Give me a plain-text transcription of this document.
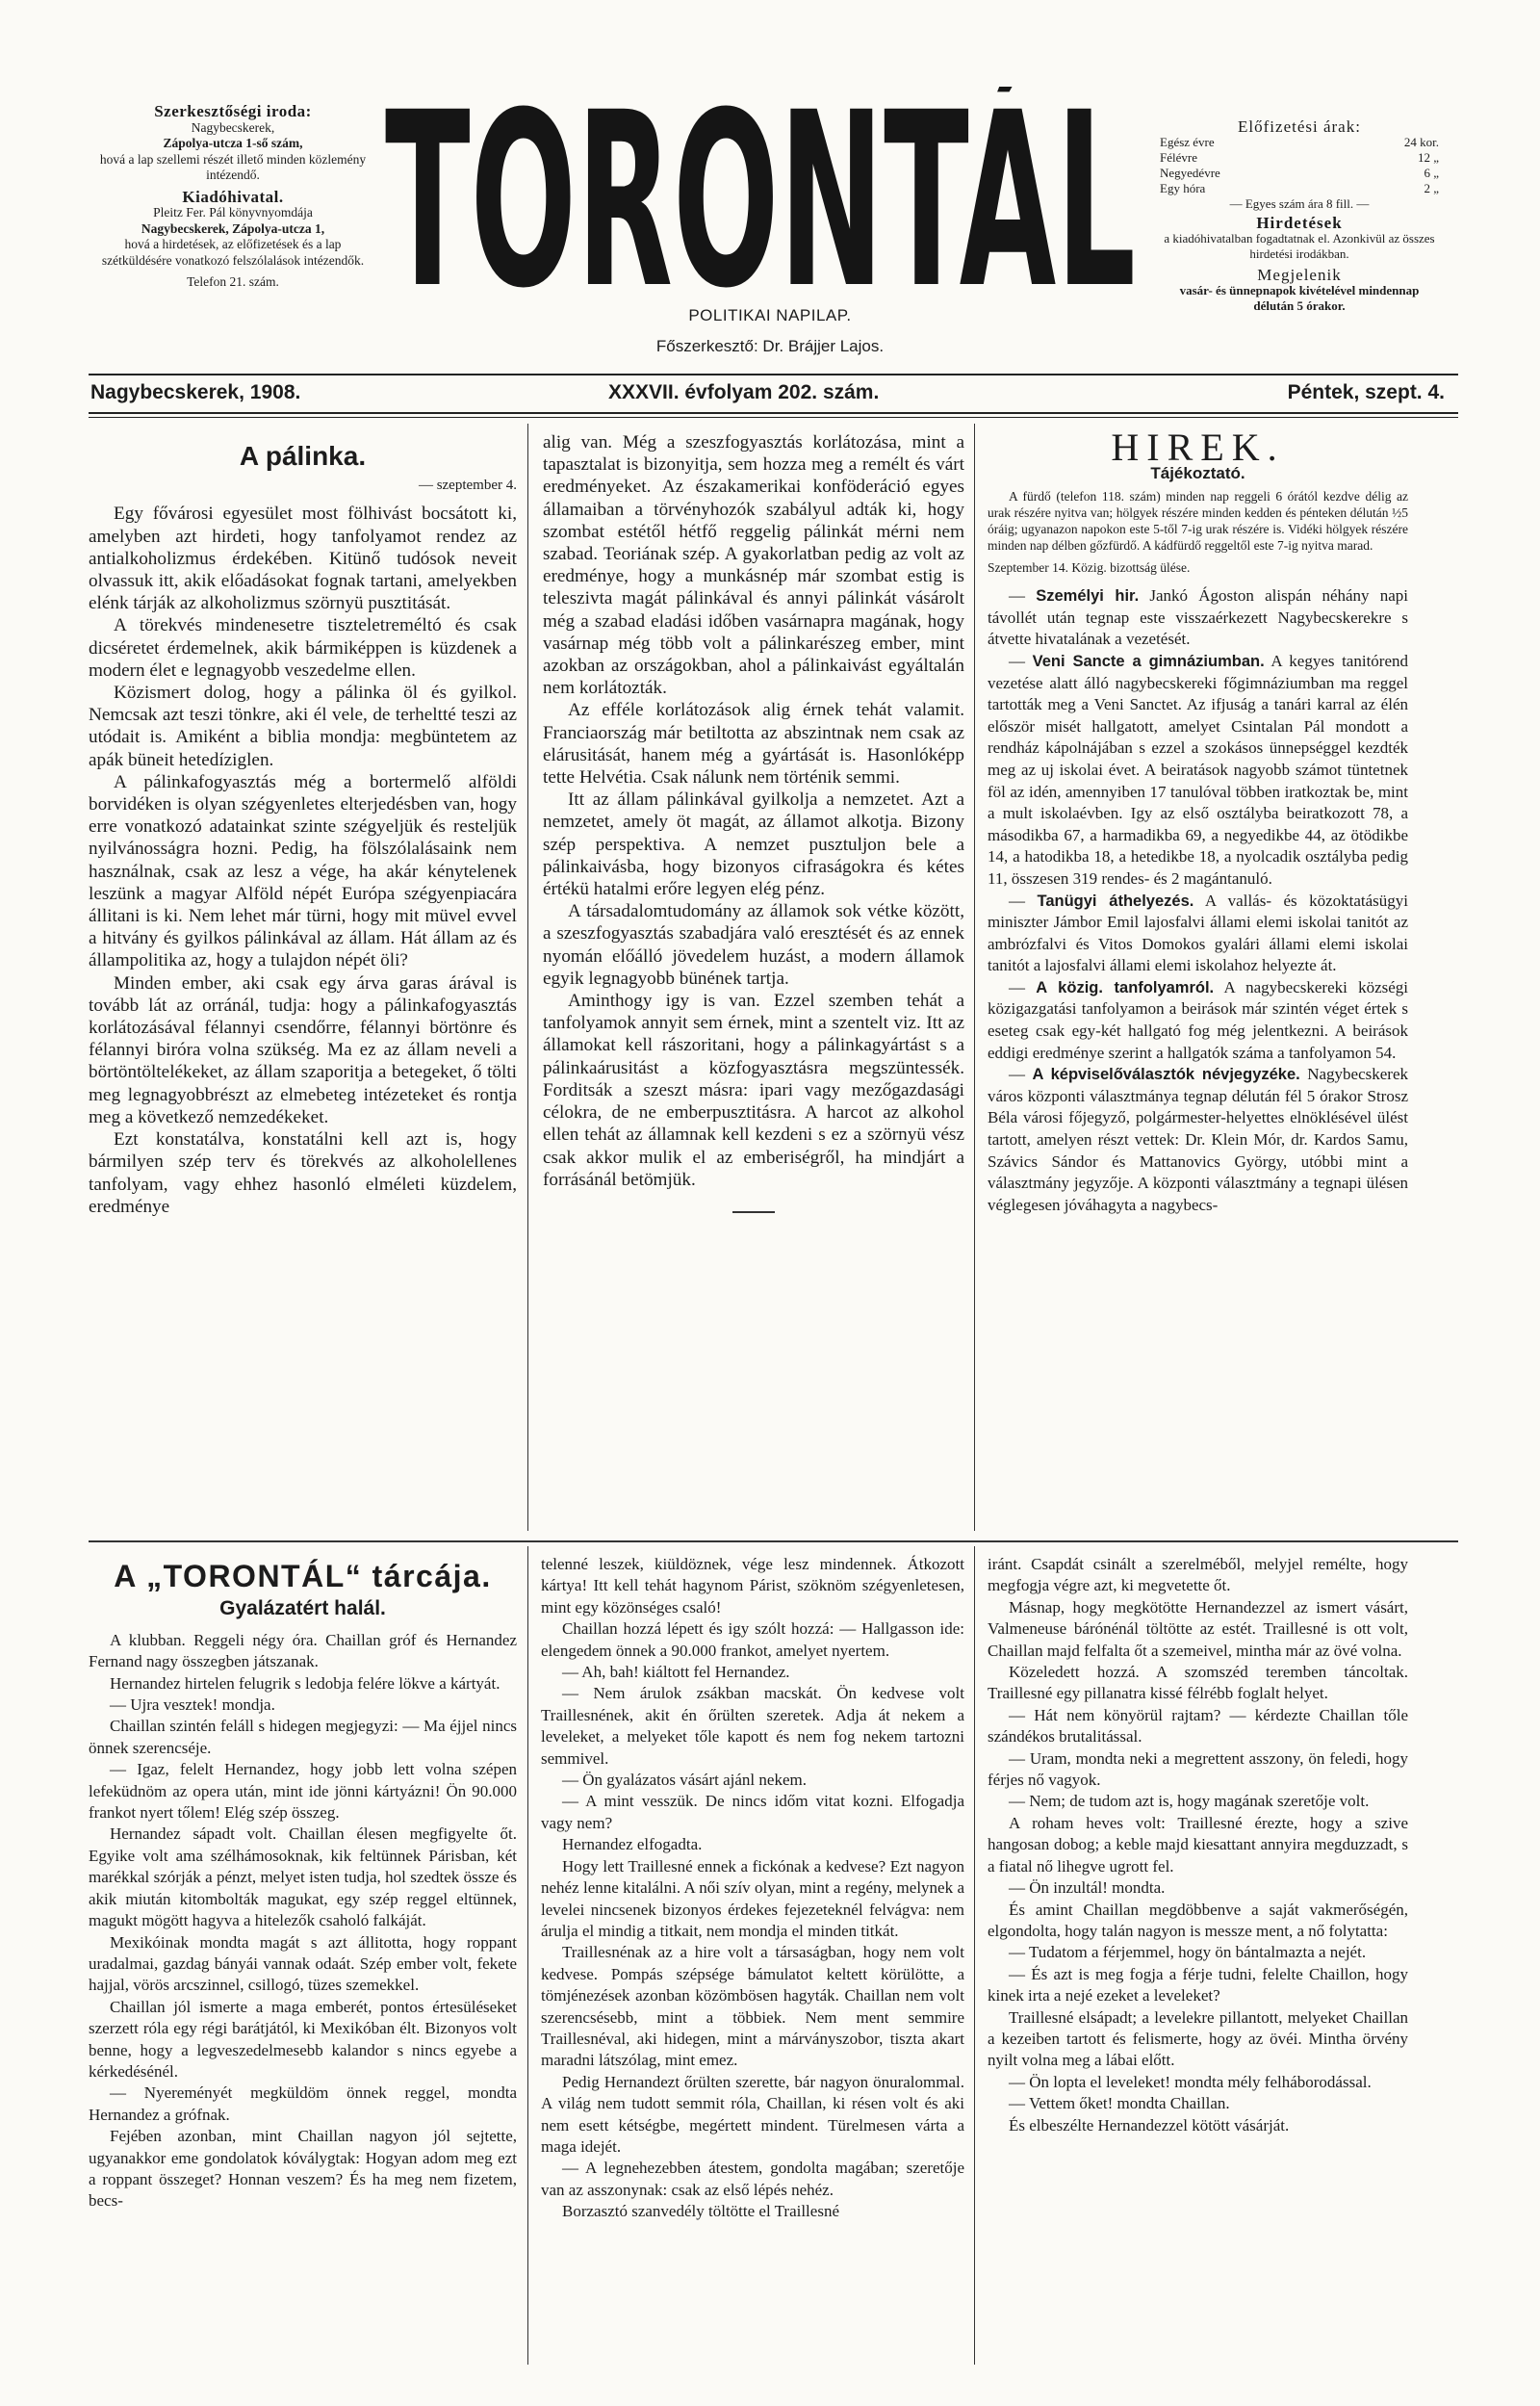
Szerkesztőségi iroda:
Nagybecskerek,
Zápolya-utcza 1-ső szám,
hová a lap szellemi részét illető minden közlemény intézendő.
Kiadóhivatal.
Pleitz Fer. Pál könyvnyomdája
Nagybecskerek, Zápolya-utcza 1,
hová a hirdetések, az előfizetések és a lap szétküldésére vonatkozó felszólalások intézendők.
Telefon 21. szám. TORONTÁL
POLITIKAI NAPILAP.
Főszerkesztő: Dr. Brájjer Lajos.
Előfizetési árak:
Egész évre	24 kor.
Félévre	12 „
Negyedévre	6 „
Egy hóra	2 „
— Egyes szám ára 8 fill. —
Hirdetések
a kiadóhivatalban fogadtatnak el. Azonkivül az összes hirdetési irodákban.
Megjelenik
vasár- és ünnepnapok kivételével mindennap délután 5 órakor.
Nagybecskerek, 1908.	XXXVII. évfolyam 202. szám.	Péntek, szept. 4.
A pálinka.
— szeptember 4.

Egy fővárosi egyesület most fölhivást bocsátott ki, amelyben azt hirdeti, hogy tanfolyamot rendez az antialkoholizmus érdekében. Kitünő tudósok neveit olvassuk itt, akik előadásokat fognak tartani, amelyekben elénk tárják az alkoholizmus szörnyü pusztitását.

A törekvés mindenesetre tiszteletreméltó és csak dicséretet érdemelnek, akik bármiképpen is küzdenek a modern élet e legnagyobb veszedelme ellen.

Közismert dolog, hogy a pálinka öl és gyilkol. Nemcsak azt teszi tönkre, aki él vele, de terheltté teszi az utódait is. Amiként a biblia mondja: megbüntetem az apák büneit hetedíziglen.

A pálinkafogyasztás még a bortermelő alföldi borvidéken is olyan szégyenletes elterjedésben van, hogy erre vonatkozó adatainkat szinte szégyeljük és resteljük nyilvánosságra hozni. Pedig, ha fölszólalásaink nem használnak, csak az lesz a vége, ha akár kénytelenek leszünk a magyar Alföld népét Európa szégyenpiacára állitani is ki. Nem lehet már türni, hogy mit müvel evvel a hitvány és gyilkos pálinkával az állam. Hát állam az és állampolitika az, hogy a tulajdon népét öli?

Minden ember, aki csak egy árva garas árával is tovább lát az orránál, tudja: hogy a pálinkafogyasztás korlátozásával félannyi csendőrre, félannyi börtönre és félannyi biróra volna szükség. Ma ez az állam neveli a börtöntöltelékeket, az állam szaporitja a betegeket, ő tölti meg legnagyobbrészt az elmebeteg intézeteket és rontja meg a következő nemzedékeket.

Ezt konstatálva, konstatálni kell azt is, hogy bármilyen szép terv és törekvés az alkoholellenes tanfolyam, vagy ehhez hasonló elméleti küzdelem, eredménye

alig van. Még a szeszfogyasztás korlátozása, mint a tapasztalat is bizonyitja, sem hozza meg a remélt és várt eredményeket. Az északamerikai konföderáció egyes államaiban a törvényhozók szabályul adták ki, hogy szombat estétől hétfő reggelig pálinkát mérni nem szabad. Teoriának szép. A gyakorlatban pedig az volt az eredménye, hogy a munkásnép már szombat estig is teleszivta magát pálinkával és annyi pálinkát vásárolt még a szabad eladási időben vasárnapra magának, hogy vasárnap még több volt a pálinkarészeg ember, mint azokban az országokban, ahol a pálinkaivást egyáltalán nem korlátozták.

Az efféle korlátozások alig érnek tehát valamit. Franciaország már betiltotta az abszintnak nem csak az elárusitását, hanem még a gyártását is. Hasonlóképp tette Helvétia. Csak nálunk nem történik semmi.

Itt az állam pálinkával gyilkolja a nemzetet. Azt a nemzetet, amely öt magát, az államot alkotja. Bizony szép perspektiva. A nemzet pusztuljon bele a pálinkaivásba, hogy bizonyos cifraságokra és kétes értékü hatalmi erőre legyen elég pénz.

A társadalomtudomány az államok sok vétke között, a szeszfogyasztás szabadjára való eresztését és az ennek nyomán előálló jövedelem huzást, a modern államok egyik legnagyobb bünének tartja.

Aminthogy igy is van. Ezzel szemben tehát a tanfolyamok annyit sem érnek, mint a szentelt viz. Itt az államokat kell rászoritani, hogy a pálinkagyártást s a pálinkaárusitást a közfogyasztásra megszüntessék. Forditsák a szeszt másra: ipari vagy mezőgazdasági célokra, de ne emberpusztitásra. A harcot az alkohol ellen tehát az államnak kell kezdeni s ez a szörnyü vész csak akkor mulik el az emberiségről, ha mindjárt a forrásánál betömjük.

HIREK.
Tájékoztató.

A fürdő (telefon 118. szám) minden nap reggeli 6 órától kezdve délig az urak részére nyitva van; hölgyek részére minden kedden és pénteken délután ½5 óráig; ugyanazon napokon este 5-től 7-ig urak részére is. Vidéki hölgyek részére minden nap délben gőzfürdő. A kádfürdő reggeltől este 7-ig nyitva marad.

Szeptember 14. Közig. bizottság ülése.

— Személyi hir. Jankó Ágoston alispán néhány napi távollét után tegnap este visszaérkezett Nagybecskerekre s átvette hivatalának a vezetését.

— Veni Sancte a gimnáziumban. A kegyes tanitórend vezetése alatt álló nagybecskereki főgimnáziumban ma reggel tartották meg a Veni Sanctet. Az ifjuság a tanári karral az élén először misét hallgatott, amelyet Csintalan Pál mondott a rendház kápolnájában s ezzel a szokásos ünnepséggel kezdték meg az uj iskolai évet. A beiratások nagyobb számot tüntetnek föl az idén, amennyiben 17 tanulóval többen iratkoztak be, mint a mult iskolaévben. Igy az első osztályba beiratkozott 78, a másodikba 67, a harmadikba 69, a negyedikbe 44, az ötödikbe 14, a hatodikba 18, a hetedikbe 18, a nyolcadik osztályba pedig 11, összesen 319 rendes- és 2 magántanuló.

— Tanügyi áthelyezés. A vallás- és közoktatásügyi miniszter Jámbor Emil lajosfalvi állami elemi iskolai tanitót az ambrózfalvi és Vitos Domokos gyalári állami elemi iskolai tanitót a lajosfalvi állami elemi iskolahoz helyezte át.

— A közig. tanfolyamról. A nagybecskereki községi közigazgatási tanfolyamon a beirások már szintén véget értek s eseteg csak egy-két hallgató fog még jelentkezni. A beirások eddigi eredménye szerint a hallgatók száma a tanfolyamon 54.

— A képviselőválasztók névjegyzéke. Nagybecskerek város központi választmánya tegnap délután fél 5 órakor Strosz Béla városi főjegyző, polgármester-helyettes elnöklésével ülést tartott, amelyen részt vettek: Dr. Klein Mór, dr. Kardos Samu, Szávics Sándor és Mattanovics György, utóbbi mint a választmány jegyzője. A központi választmány a tegnapi ülésen véglegesen jóváhagyta a nagybecs-

A „TORONTÁL“ tárcája.
Gyalázatért halál.

A klubban. Reggeli négy óra. Chaillan gróf és Hernandez Fernand nagy összegben játszanak.

Hernandez hirtelen felugrik s ledobja felére lökve a kártyát.

— Ujra vesztek! mondja.

Chaillan szintén feláll s hidegen megjegyzi: — Ma éjjel nincs önnek szerencséje.

— Igaz, felelt Hernandez, hogy jobb lett volna szépen lefeküdnöm az opera után, mint ide jönni kártyázni! Ön 90.000 frankot nyert tőlem! Elég szép összeg.

Hernandez sápadt volt. Chaillan élesen megfigyelte őt. Egyike volt ama szélhámosoknak, kik feltünnek Párisban, két marékkal szórják a pénzt, melyet isten tudja, hol szedtek össze és akik miután kitombolták magukat, egy szép reggel eltünnek, magukt mögött hagyva a hitelezők csaholó falkáját.

Mexikóinak mondta magát s azt állitotta, hogy roppant uradalmai, gazdag bányái vannak odaát. Szép ember volt, fekete hajjal, vörös arcszinnel, csillogó, tüzes szemekkel.

Chaillan jól ismerte a maga emberét, pontos értesüléseket szerzett róla egy régi barátjától, ki Mexikóban élt. Bizonyos volt benne, hogy a legveszedelmesebb kalandor s nincs egyebe a kérkedésénél.

— Nyereményét megküldöm önnek reggel, mondta Hernandez a grófnak.

Fejében azonban, mint Chaillan nagyon jól sejtette, ugyanakkor eme gondolatok kóválygtak: Hogyan adom meg ezt a roppant összeget? Honnan veszem? És ha meg nem fizetem, becs-

telenné leszek, kiüldöznek, vége lesz mindennek. Átkozott kártya! Itt kell tehát hagynom Párist, szöknöm szégyenletesen, mint egy közönséges csaló!

Chaillan hozzá lépett és igy szólt hozzá: — Hallgasson ide: elengedem önnek a 90.000 frankot, amelyet nyertem.

— Ah, bah! kiáltott fel Hernandez.

— Nem árulok zsákban macskát. Ön kedvese volt Traillesnének, akit én őrülten szeretek. Adja át nekem a leveleket, a melyeket tőle kapott és nem fog nekem tartozni semmivel.

— Ön gyalázatos vásárt ajánl nekem.

— A mint vesszük. De nincs időm vitat kozni. Elfogadja vagy nem?

Hernandez elfogadta.

Hogy lett Traillesné ennek a fickónak a kedvese? Ezt nagyon nehéz lenne kitalálni. A női szív olyan, mint a regény, melynek a levelei nincsenek bizonyos érdekes fejezeteknél felvágva: nem árulja el mindig a titkait, nem mondja el minden titkát.

Traillesnénak az a hire volt a társaságban, hogy nem volt kedvese. Pompás szépsége bámulatot keltett körülötte, a tömjénezések azonban közömbösen hagyták. Chaillan nem volt szerencsésebb, mint a többiek. Nem ment semmire Traillesnéval, aki hidegen, mint a márványszobor, tiszta akart maradni látszólag, mint emez.

Pedig Hernandezt őrülten szerette, bár nagyon önuralommal. A világ nem tudott semmit róla, Chaillan, ki résen volt és aki nem esett kétségbe, megértett mindent. Türelmesen várta a maga idejét.

— A legnehezebben átestem, gondolta magában; szeretője van az asszonynak: csak az első lépés nehéz.

Borzasztó szanvedély töltötte el Traillesné

iránt. Csapdát csinált a szerelméből, melyjel remélte, hogy megfogja végre azt, ki megvetette őt.

Másnap, hogy megkötötte Hernandezzel az ismert vásárt, Valmeneuse bárónénál töltötte az estét. Traillesné is ott volt, Chaillan majd felfalta őt a szemeivel, mintha már az övé volna.

Közeledett hozzá. A szomszéd teremben táncoltak. Traillesné egy pillanatra kissé félrébb foglalt helyet.

— Hát nem könyörül rajtam? — kérdezte Chaillan tőle szándékos brutalitással.

— Uram, mondta neki a megrettent asszony, ön feledi, hogy férjes nő vagyok.

— Nem; de tudom azt is, hogy magának szeretője volt.

A roham heves volt: Traillesné érezte, hogy a szive hangosan dobog; a keble majd kiesattant annyira megduzzadt, s a fiatal nő lihegve ugrott fel.

— Ön inzultál! mondta.

És amint Chaillan megdöbbenve a saját vakmerőségén, elgondolta, hogy talán nagyon is messze ment, a nő folytatta:

— Tudatom a férjemmel, hogy ön bántalmazta a nejét.

— És azt is meg fogja a férje tudni, felelte Chaillon, hogy kinek irta a nejé ezeket a leveleket?

Traillesné elsápadt; a levelekre pillantott, melyeket Chaillan a kezeiben tartott és felismerte, hogy az övéi. Mintha örvény nyilt volna meg a lábai előtt.

— Ön lopta el leveleket! mondta mély felháborodással.

— Vettem őket! mondta Chaillan.

És elbeszélte Hernandezzel kötött vásárját.
